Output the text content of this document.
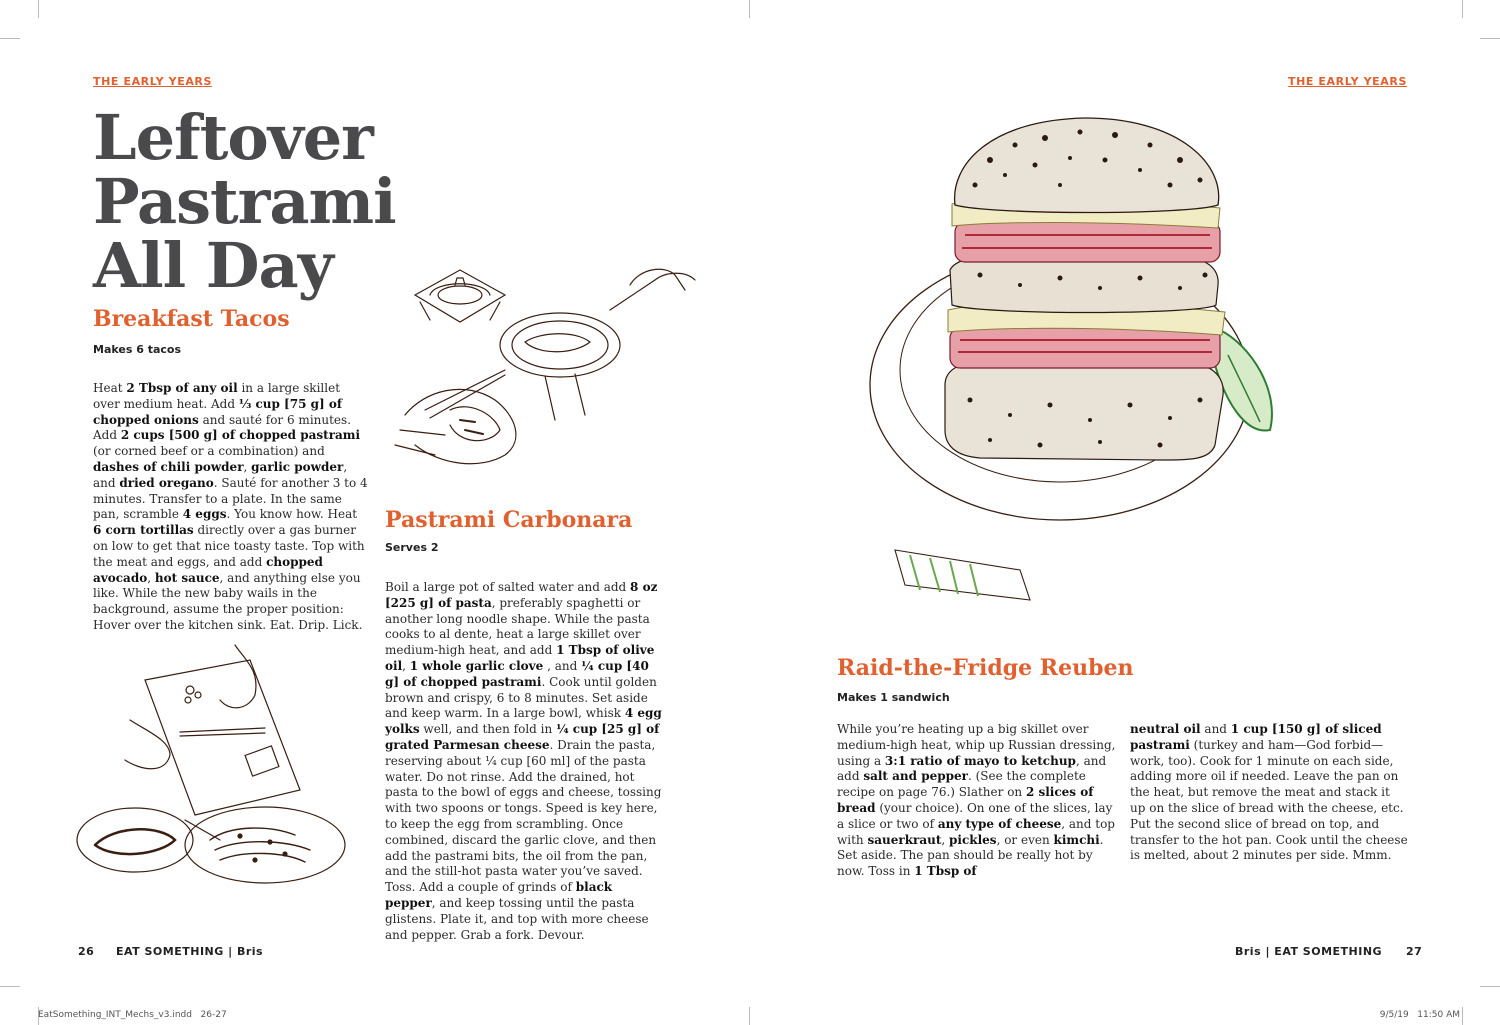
THE EARLY YEARS
Leftover
Pastrami
All Day
Breakfast Tacos
Makes 6 tacos
Heat 2 Tbsp of any oil in a large skillet over medium heat. Add ⅓ cup [75 g] of chopped onions and sauté for 6 minutes. Add 2 cups [500 g] of chopped pastrami (or corned beef or a combination) and dashes of chili powder, garlic powder, and dried oregano. Sauté for another 3 to 4 minutes. Transfer to a plate. In the same pan, scramble 4 eggs. You know how. Heat 6 corn tortillas directly over a gas burner on low to get that nice toasty taste. Top with the meat and eggs, and add chopped avocado, hot sauce, and anything else you like. While the new baby wails in the background, assume the proper position: Hover over the kitchen sink. Eat. Drip. Lick.
Pastrami Carbonara
Serves 2
Boil a large pot of salted water and add 8 oz [225 g] of pasta, preferably spaghetti or another long noodle shape. While the pasta cooks to al dente, heat a large skillet over medium-high heat, and add 1 Tbsp of olive oil, 1 whole garlic clove , and ¼ cup [40 g] of chopped pastrami. Cook until golden brown and crispy, 6 to 8 minutes. Set aside and keep warm. In a large bowl, whisk 4 egg yolks well, and then fold in ¼ cup [25 g] of grated Parmesan cheese. Drain the pasta, reserving about ¼ cup [60 ml] of the pasta water. Do not rinse. Add the drained, hot pasta to the bowl of eggs and cheese, tossing with two spoons or tongs. Speed is key here, to keep the egg from scrambling. Once combined, discard the garlic clove, and then add the pastrami bits, the oil from the pan, and the still-hot pasta water you’ve saved. Toss. Add a couple of grinds of black pepper, and keep tossing until the pasta glistens. Plate it, and top with more cheese and pepper. Grab a fork. Devour.
26 EAT SOMETHING | Bris
THE EARLY YEARS
Raid-the-Fridge Reuben
Makes 1 sandwich
While you’re heating up a big skillet over medium-high heat, whip up Russian dressing, using a 3:1 ratio of mayo to ketchup, and add salt and pepper. (See the complete recipe on page 76.) Slather on 2 slices of bread (your choice). On one of the slices, lay a slice or two of any type of cheese, and top with sauerkraut, pickles, or even kimchi. Set aside. The pan should be really hot by now. Toss in 1 Tbsp of
neutral oil and 1 cup [150 g] of sliced pastrami (turkey and ham—God forbid—work, too). Cook for 1 minute on each side, adding more oil if needed. Leave the pan on the heat, but remove the meat and stack it up on the slice of bread with the cheese, etc. Put the second slice of bread on top, and transfer to the hot pan. Cook until the cheese is melted, about 2 minutes per side. Mmm.
Bris | EAT SOMETHING 27
EatSomething_INT_Mechs_v3.indd   26-27	9/5/19   11:50 AM
